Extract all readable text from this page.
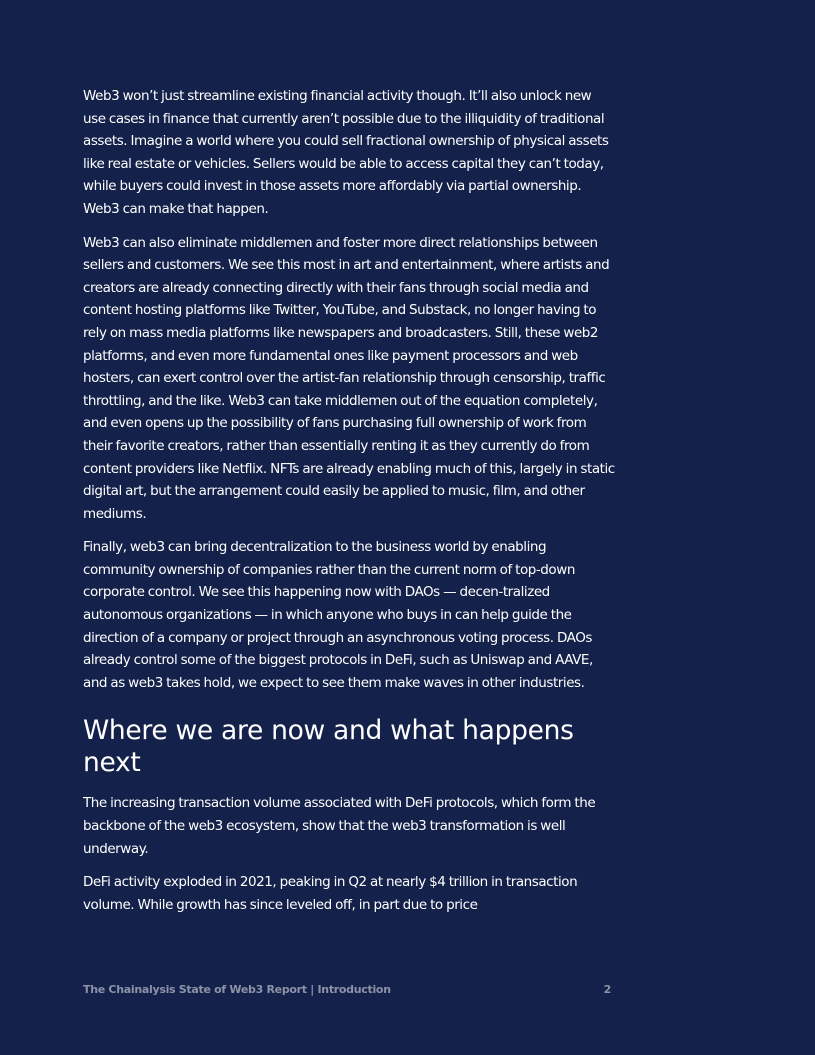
Web3 won’t just streamline existing financial activity though. It’ll also unlock new use cases in finance that currently aren’t possible due to the illiquidity of traditional assets. Imagine a world where you could sell fractional ownership of physical assets like real estate or vehicles. Sellers would be able to access capital they can’t today, while buyers could invest in those assets more affordably via partial ownership. Web3 can make that happen.

Web3 can also eliminate middlemen and foster more direct relationships between sellers and customers. We see this most in art and entertainment, where artists and creators are already connecting directly with their fans through social media and content hosting platforms like Twitter, YouTube, and Substack, no longer having to rely on mass media platforms like newspapers and broadcasters. Still, these web2 platforms, and even more fundamental ones like payment processors and web hosters, can exert control over the artist-fan relationship through censorship, traffic throttling, and the like. Web3 can take middlemen out of the equation completely, and even opens up the possibility of fans purchasing full ownership of work from their favorite creators, rather than essentially renting it as they currently do from content providers like Netflix. NFTs are already enabling much of this, largely in static digital art, but the arrangement could easily be applied to music, film, and other mediums.

Finally, web3 can bring decentralization to the business world by enabling community ownership of companies rather than the current norm of top-down corporate control. We see this happening now with DAOs — decen-tralized autonomous organizations — in which anyone who buys in can help guide the direction of a company or project through an asynchronous voting process. DAOs already control some of the biggest protocols in DeFi, such as Uniswap and AAVE, and as web3 takes hold, we expect to see them make waves in other industries.

Where we are now and what happens next

The increasing transaction volume associated with DeFi protocols, which form the backbone of the web3 ecosystem, show that the web3 transformation is well underway.

DeFi activity exploded in 2021, peaking in Q2 at nearly $4 trillion in transaction volume. While growth has since leveled off, in part due to price

The Chainalysis State of Web3 Report | Introduction	2
